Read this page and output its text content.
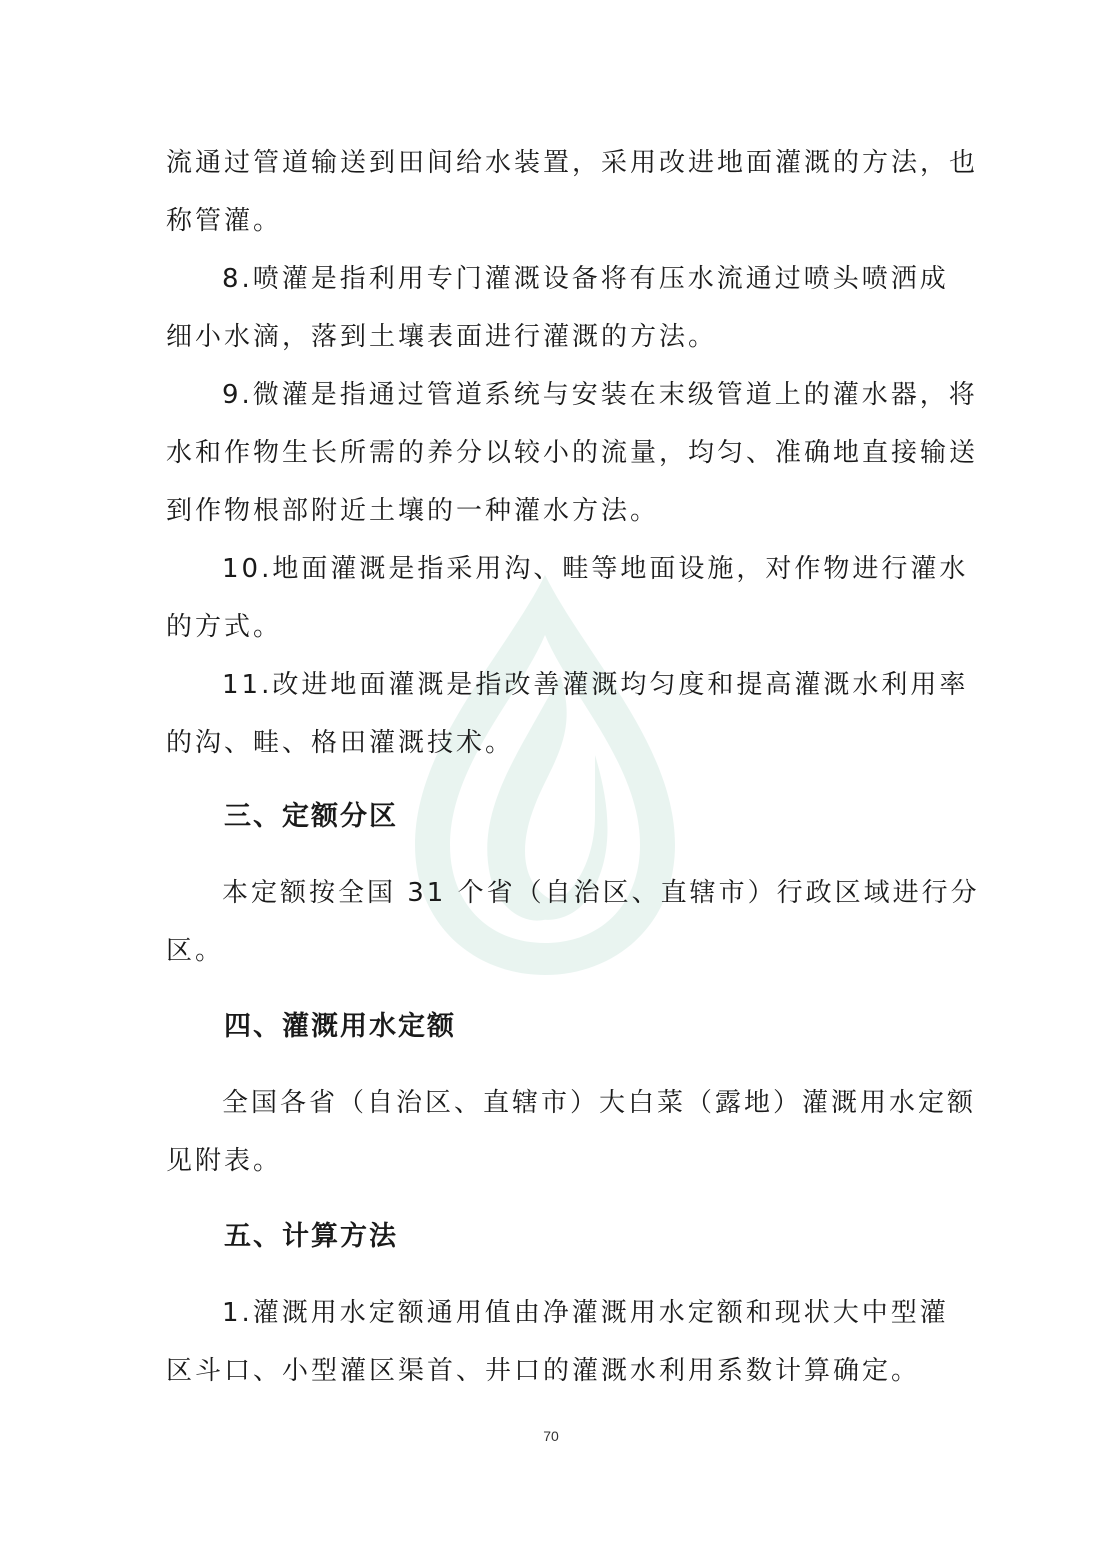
流通过管道输送到田间给水装置，采用改进地面灌溉的方法，也
称管灌。
8.喷灌是指利用专门灌溉设备将有压水流通过喷头喷洒成
细小水滴，落到土壤表面进行灌溉的方法。
9.微灌是指通过管道系统与安装在末级管道上的灌水器，将
水和作物生长所需的养分以较小的流量，均匀、准确地直接输送
到作物根部附近土壤的一种灌水方法。
10.地面灌溉是指采用沟、畦等地面设施，对作物进行灌水
的方式。
11.改进地面灌溉是指改善灌溉均匀度和提高灌溉水利用率
的沟、畦、格田灌溉技术。
三、定额分区
本定额按全国 31 个省（自治区、直辖市）行政区域进行分
区。
四、灌溉用水定额
全国各省（自治区、直辖市）大白菜（露地）灌溉用水定额
见附表。
五、计算方法
1.灌溉用水定额通用值由净灌溉用水定额和现状大中型灌
区斗口、小型灌区渠首、井口的灌溉水利用系数计算确定。
70
